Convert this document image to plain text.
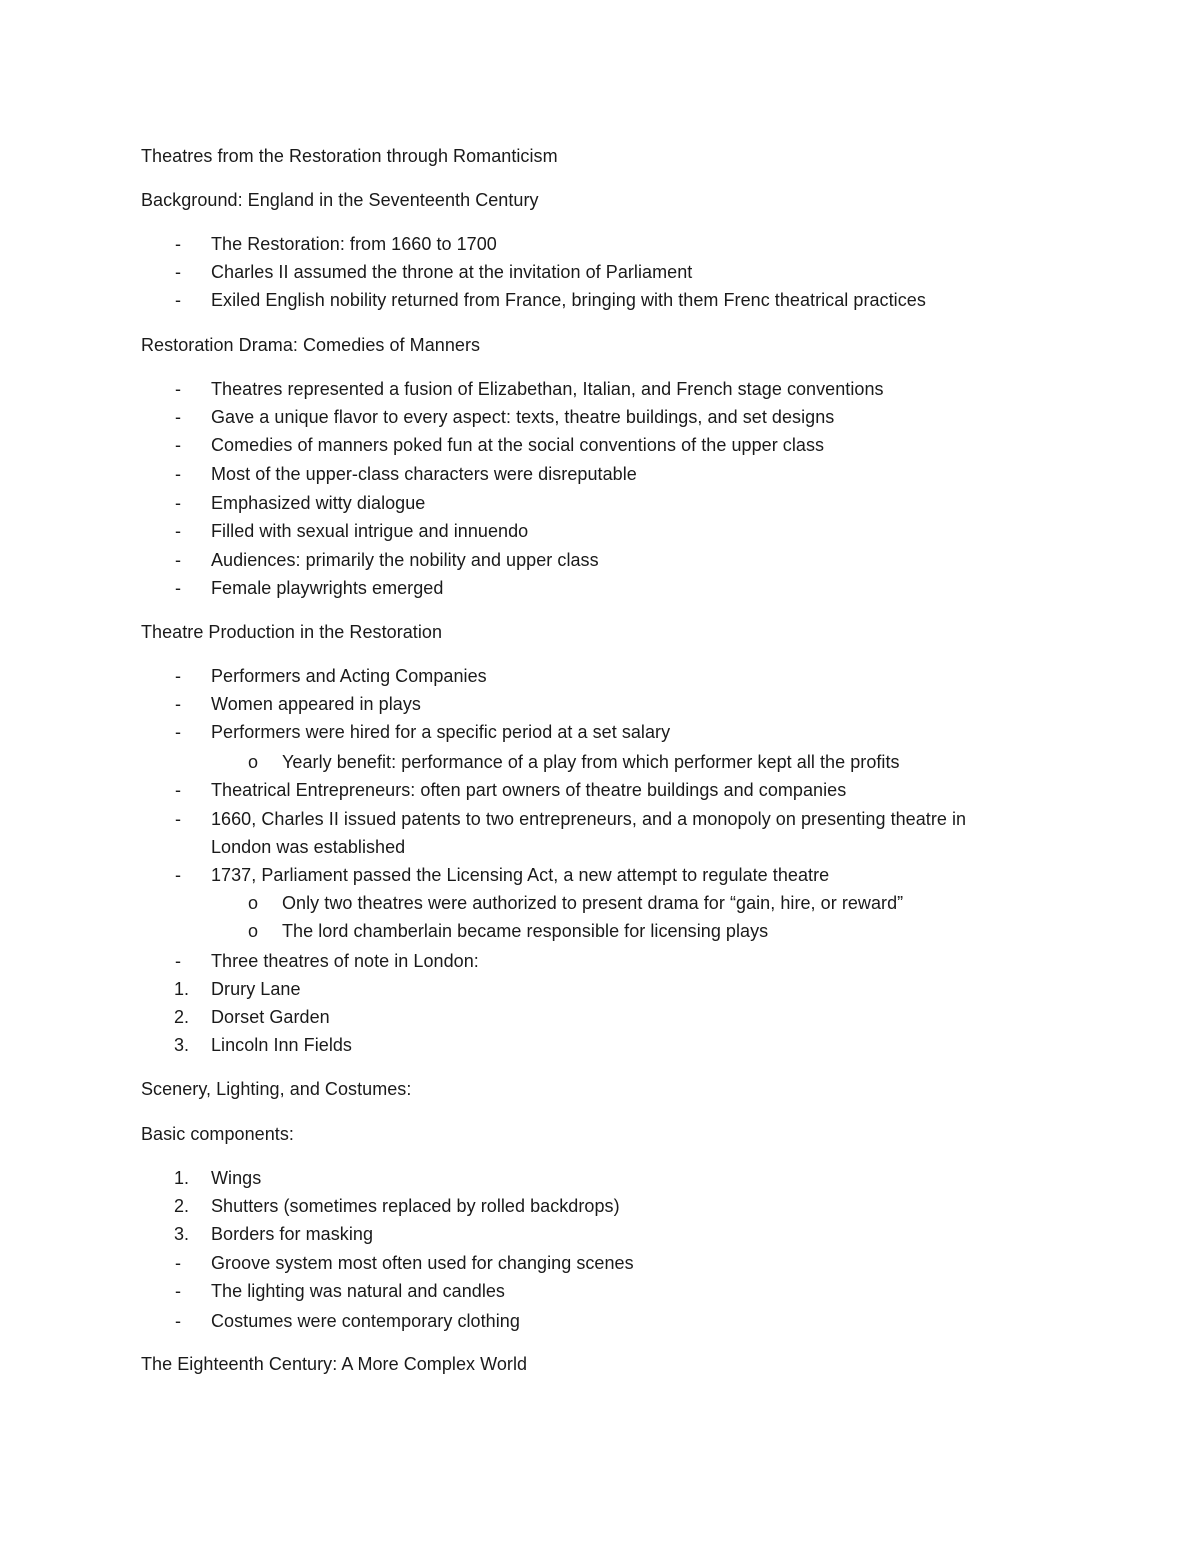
Theatres from the Restoration through Romanticism
Background: England in the Seventeenth Century
-	The Restoration: from 1660 to 1700
-	Charles II assumed the throne at the invitation of Parliament
-	Exiled English nobility returned from France, bringing with them Frenc theatrical practices
Restoration Drama: Comedies of Manners
-	Theatres represented a fusion of Elizabethan, Italian, and French stage conventions
-	Gave a unique flavor to every aspect: texts, theatre buildings, and set designs
-	Comedies of manners poked fun at the social conventions of the upper class
-	Most of the upper-class characters were disreputable
-	Emphasized witty dialogue
-	Filled with sexual intrigue and innuendo
-	Audiences: primarily the nobility and upper class
-	Female playwrights emerged
Theatre Production in the Restoration
-	Performers and Acting Companies
-	Women appeared in plays
-	Performers were hired for a specific period at a set salary
o	Yearly benefit: performance of a play from which performer kept all the profits
-	Theatrical Entrepreneurs: often part owners of theatre buildings and companies
-	1660, Charles II issued patents to two entrepreneurs, and a monopoly on presenting theatre in
London was established
-	1737, Parliament passed the Licensing Act, a new attempt to regulate theatre
o	Only two theatres were authorized to present drama for “gain, hire, or reward”
o	The lord chamberlain became responsible for licensing plays
-	Three theatres of note in London:
1.	Drury Lane
2.	Dorset Garden
3.	Lincoln Inn Fields
Scenery, Lighting, and Costumes:
Basic components:
1.	Wings
2.	Shutters (sometimes replaced by rolled backdrops)
3.	Borders for masking
-	Groove system most often used for changing scenes
-	The lighting was natural and candles
-	Costumes were contemporary clothing
The Eighteenth Century: A More Complex World
